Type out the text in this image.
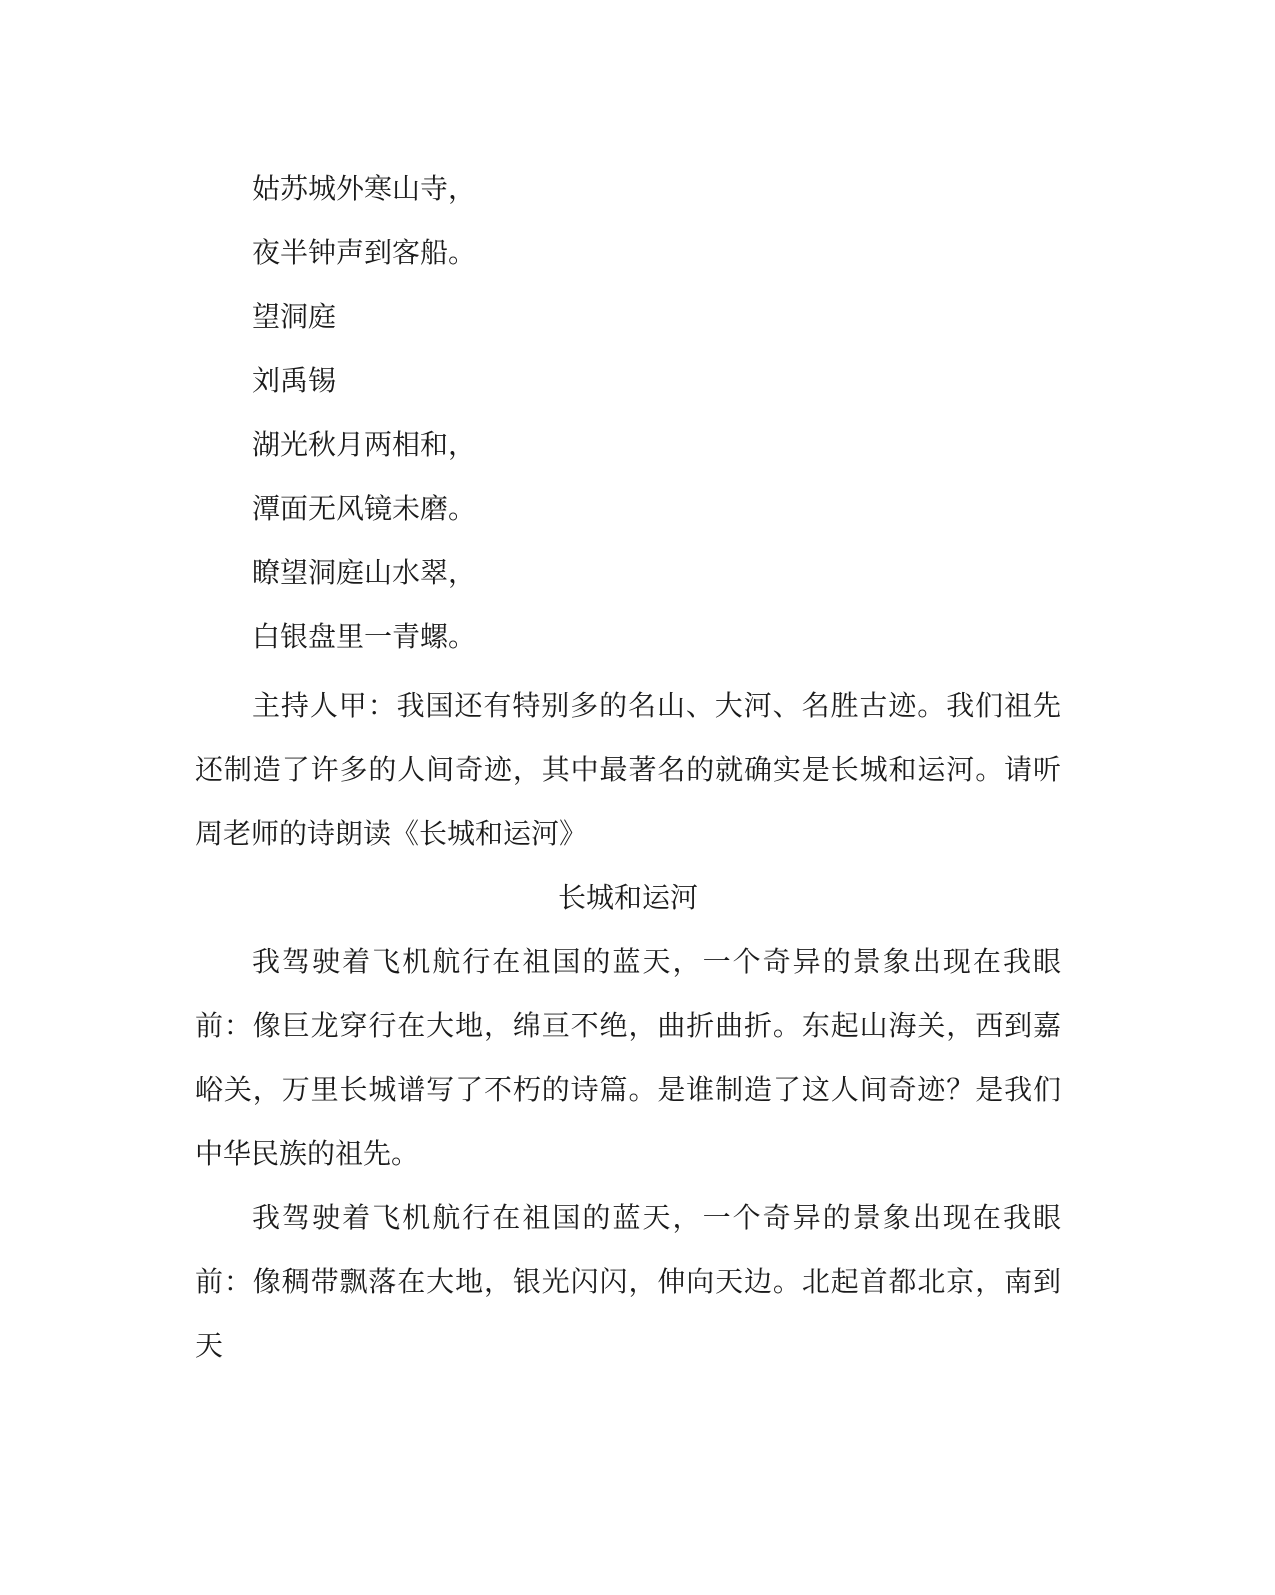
姑苏城外寒山寺，
夜半钟声到客船。
望洞庭
刘禹锡
湖光秋月两相和，
潭面无风镜未磨。
瞭望洞庭山水翠，
白银盘里一青螺。

主持人甲：我国还有特别多的名山、大河、名胜古迹。我们祖先还制造了许多的人间奇迹，其中最著名的就确实是长城和运河。请听周老师的诗朗读《长城和运河》

长城和运河

我驾驶着飞机航行在祖国的蓝天，一个奇异的景象出现在我眼前：像巨龙穿行在大地，绵亘不绝，曲折曲折。东起山海关，西到嘉峪关，万里长城谱写了不朽的诗篇。是谁制造了这人间奇迹？是我们中华民族的祖先。

我驾驶着飞机航行在祖国的蓝天，一个奇异的景象出现在我眼前：像稠带飘落在大地，银光闪闪，伸向天边。北起首都北京，南到天
